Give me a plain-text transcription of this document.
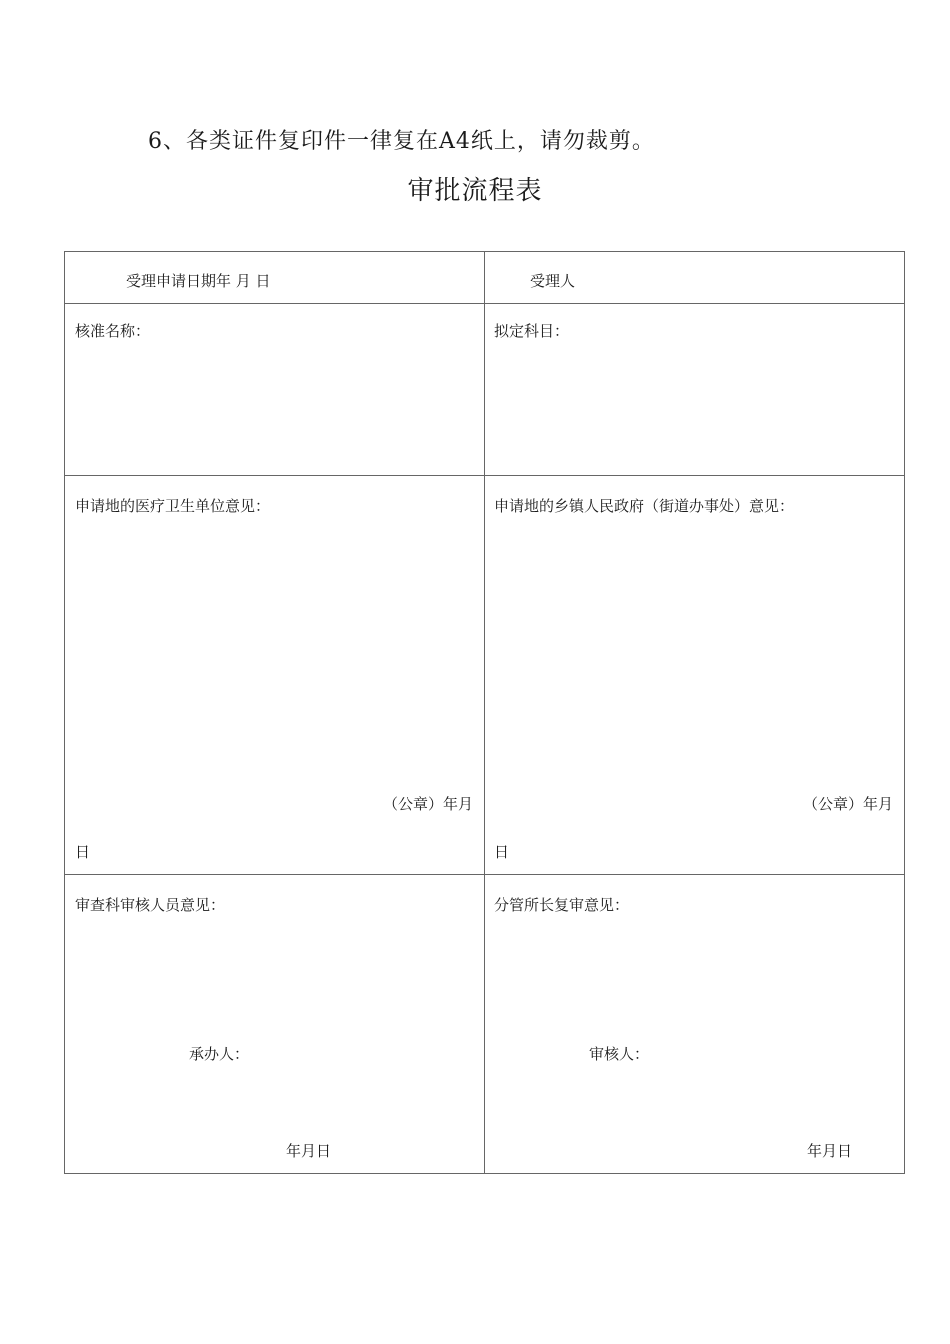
6、各类证件复印件一律复在A4纸上，请勿裁剪。
审批流程表
受理申请日期年 月 日	受理人
核准名称：	拟定科目：
申请地的医疗卫生单位意见：	申请地的乡镇人民政府（街道办事处）意见：
（公章）年月
日
（公章）年月
日
审查科审核人员意见：	分管所长复审意见：
承办人：	审核人：
年月日	年月日
